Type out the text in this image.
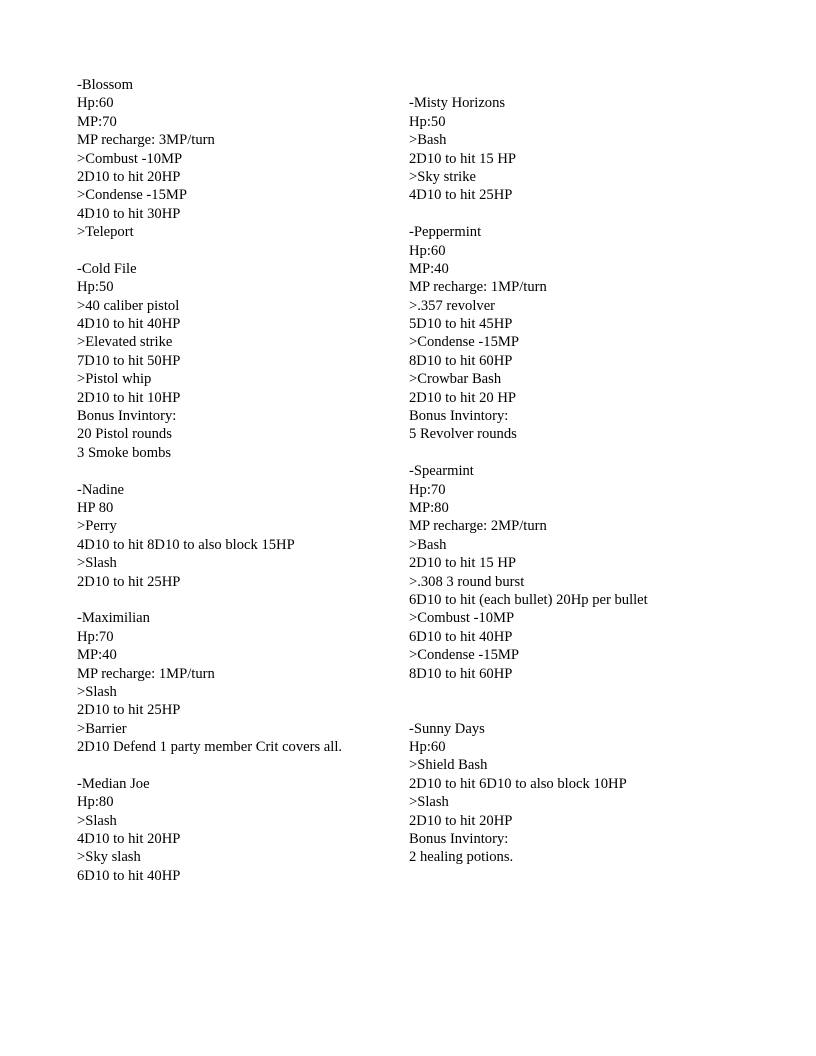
-Blossom
Hp:60
MP:70
MP recharge: 3MP/turn
>Combust -10MP
2D10 to hit 20HP
>Condense -15MP
4D10 to hit 30HP
>Teleport
-Cold File
Hp:50
>40 caliber pistol
4D10 to hit 40HP
>Elevated strike
7D10 to hit 50HP
>Pistol whip
2D10 to hit 10HP
Bonus Invintory:
20 Pistol rounds
3 Smoke bombs
-Nadine
HP 80
>Perry
4D10 to hit 8D10 to also block 15HP
>Slash
2D10 to hit 25HP
-Maximilian
Hp:70
MP:40
MP recharge: 1MP/turn
>Slash
2D10 to hit 25HP
>Barrier
2D10 Defend 1 party member Crit covers all.
-Median Joe
Hp:80
>Slash
4D10 to hit 20HP
>Sky slash
6D10 to hit 40HP
-Misty Horizons
Hp:50
>Bash
2D10 to hit 15 HP
>Sky strike
4D10 to hit 25HP
-Peppermint
Hp:60
MP:40
MP recharge: 1MP/turn
>.357 revolver
5D10 to hit 45HP
>Condense -15MP
8D10 to hit 60HP
>Crowbar Bash
2D10 to hit 20 HP
Bonus Invintory:
5 Revolver rounds
-Spearmint
Hp:70
MP:80
MP recharge: 2MP/turn
>Bash
2D10 to hit 15 HP
>.308 3 round burst
6D10 to hit (each bullet) 20Hp per bullet
>Combust -10MP
6D10 to hit 40HP
>Condense -15MP
8D10 to hit 60HP
-Sunny Days
Hp:60
>Shield Bash
2D10 to hit 6D10 to also block 10HP
>Slash
2D10 to hit 20HP
Bonus Invintory:
2 healing potions.
